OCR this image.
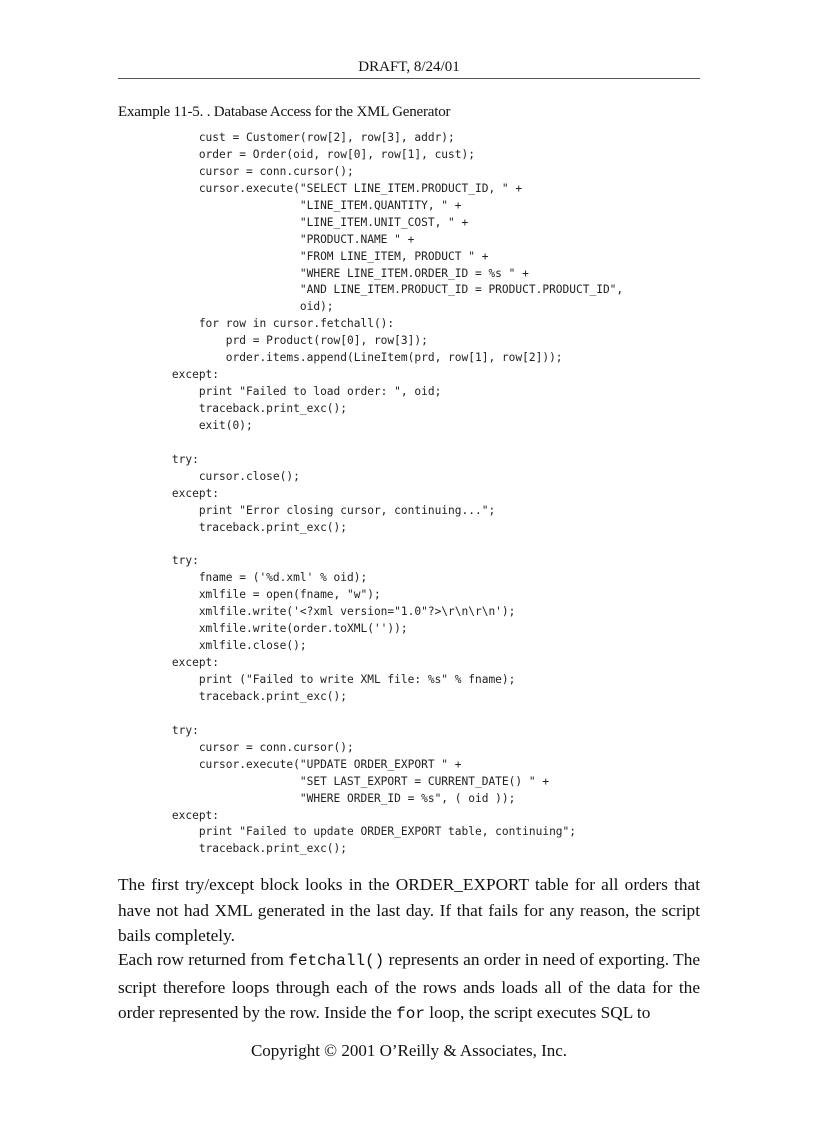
DRAFT, 8/24/01
Example 11-5. . Database Access for the XML Generator
cust = Customer(row[2], row[3], addr);
order = Order(oid, row[0], row[1], cust);
cursor = conn.cursor();
cursor.execute("SELECT LINE_ITEM.PRODUCT_ID, " +
"LINE_ITEM.QUANTITY, " +
"LINE_ITEM.UNIT_COST, " +
"PRODUCT.NAME " +
"FROM LINE_ITEM, PRODUCT " +
"WHERE LINE_ITEM.ORDER_ID = %s " +
"AND LINE_ITEM.PRODUCT_ID = PRODUCT.PRODUCT_ID",
oid);
for row in cursor.fetchall():
prd = Product(row[0], row[3]);
order.items.append(LineItem(prd, row[1], row[2]));
except:
print "Failed to load order: ", oid;
traceback.print_exc();
exit(0);
try:
cursor.close();
except:
print "Error closing cursor, continuing...";
traceback.print_exc();
try:
fname = ('%d.xml' % oid);
xmlfile = open(fname, "w");
xmlfile.write('<?xml version="1.0"?>\r\n\r\n');
xmlfile.write(order.toXML(''));
xmlfile.close();
except:
print ("Failed to write XML file: %s" % fname);
traceback.print_exc();
try:
cursor = conn.cursor();
cursor.execute("UPDATE ORDER_EXPORT " +
"SET LAST_EXPORT = CURRENT_DATE() " +
"WHERE ORDER_ID = %s", ( oid ));
except:
print "Failed to update ORDER_EXPORT table, continuing";
traceback.print_exc();

The first try/except block looks in the ORDER_EXPORT table for all orders that have not had XML generated in the last day. If that fails for any reason, the script bails completely.

Each row returned from fetchall() represents an order in need of exporting. The script therefore loops through each of the rows ands loads all of the data for the order represented by the row. Inside the for loop, the script executes SQL to

Copyright © 2001 O’Reilly & Associates, Inc.
